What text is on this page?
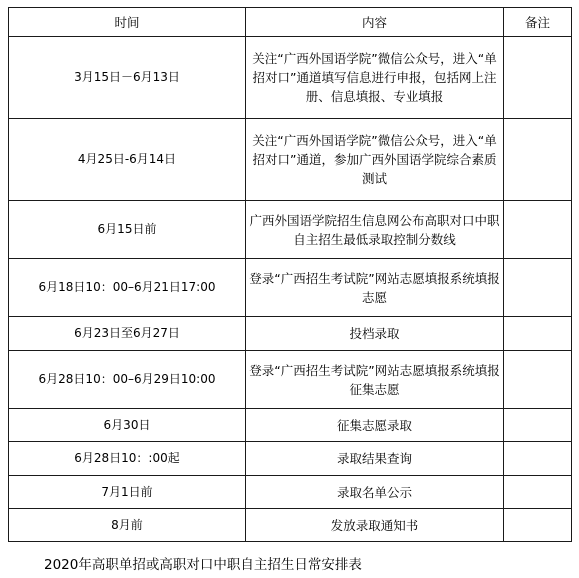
时间	内容	备注
3月15日－6月13日	关注“广西外国语学院”微信公众号，进入“单招对口”通道填写信息进行申报，包括网上注册、信息填报、专业填报	
4月25日-6月14日	关注“广西外国语学院”微信公众号，进入“单招对口”通道，参加广西外国语学院综合素质测试	
6月15日前	广西外国语学院招生信息网公布高职对口中职自主招生最低录取控制分数线	
6月18日10：00–6月21日17:00	登录“广西招生考试院”网站志愿填报系统填报志愿	
6月23日至6月27日	投档录取	
6月28日10：00–6月29日10:00	登录“广西招生考试院”网站志愿填报系统填报征集志愿	
6月30日	征集志愿录取	
6月28日10：:00起	录取结果查询	
7月1日前	录取名单公示	
8月前	发放录取通知书	
2020年高职单招或高职对口中职自主招生日常安排表
